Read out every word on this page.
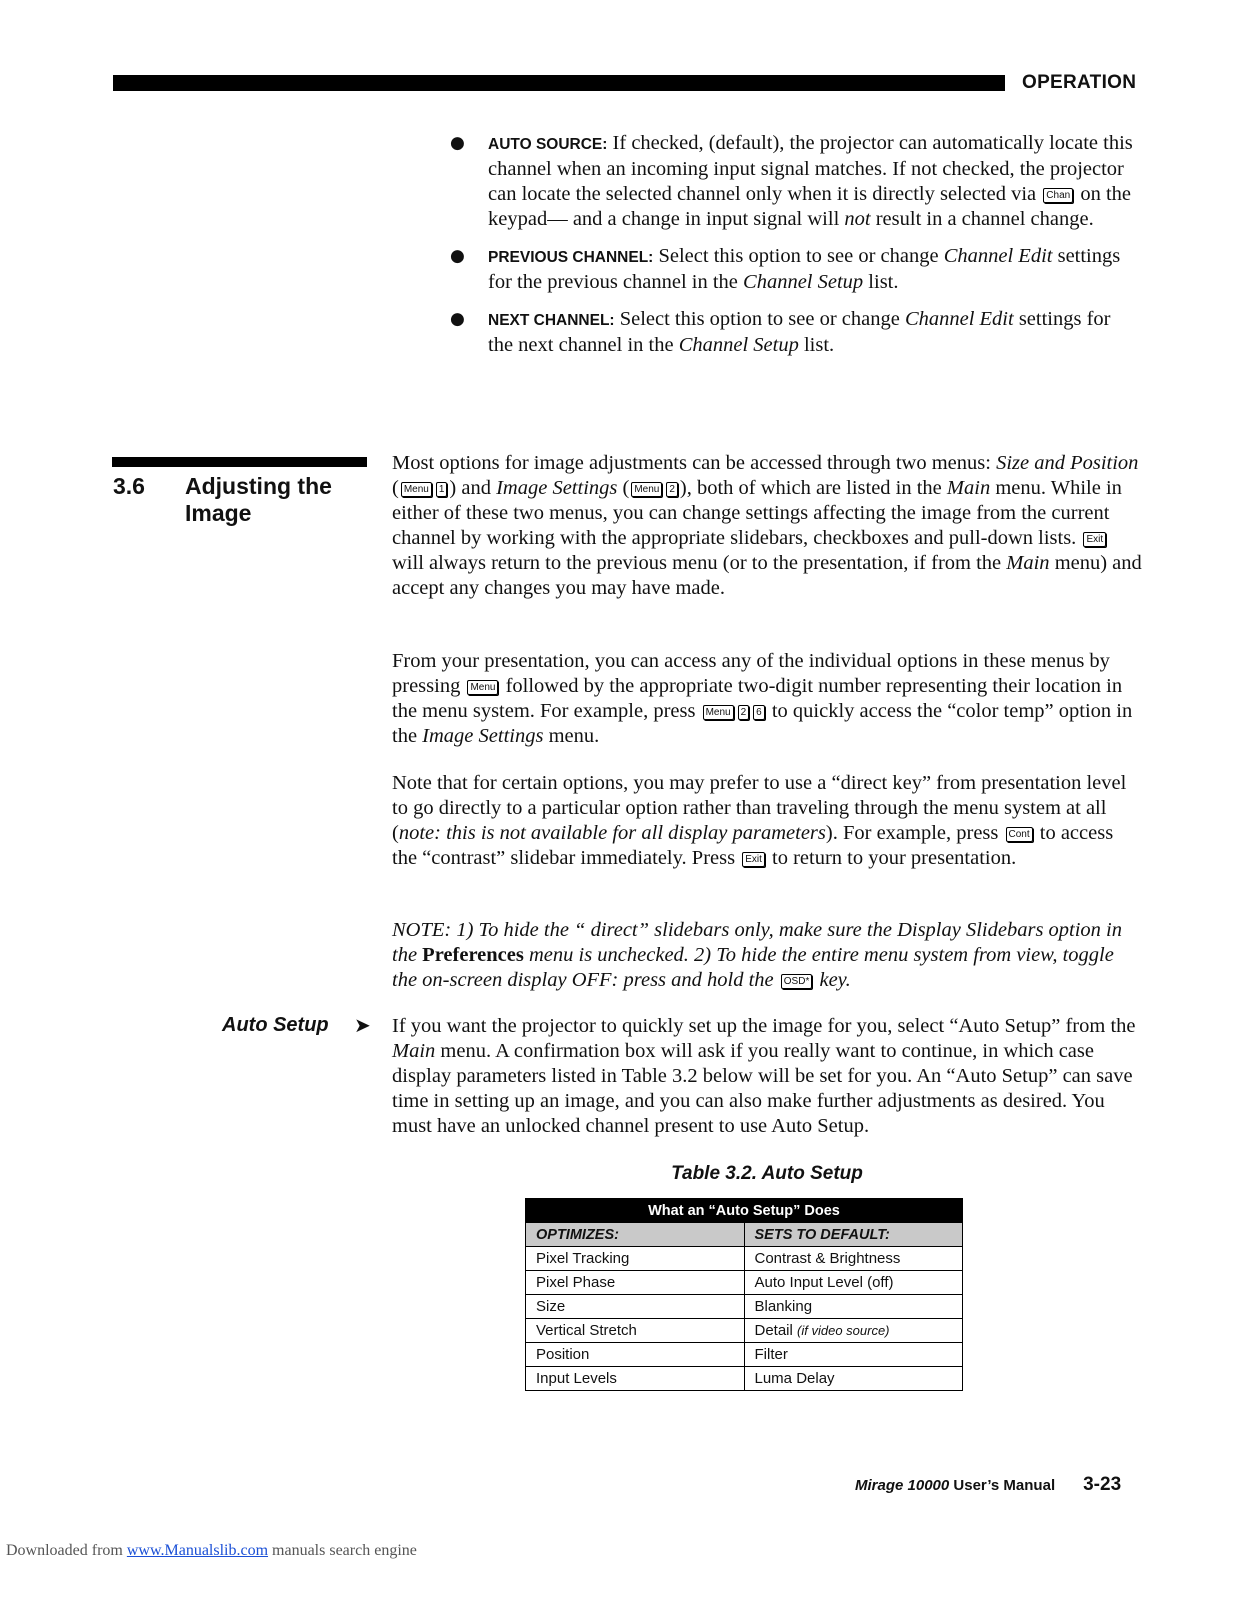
OPERATION
● AUTO SOURCE: If checked, (default), the projector can automatically locate this channel when an incoming input signal matches. If not checked, the projector can locate the selected channel only when it is directly selected via Chan on the keypad— and a change in input signal will not result in a channel change.
● PREVIOUS CHANNEL: Select this option to see or change Channel Edit settings for the previous channel in the Channel Setup list.
● NEXT CHANNEL: Select this option to see or change Channel Edit settings for the next channel in the Channel Setup list.
3.6 Adjusting the Image
Most options for image adjustments can be accessed through two menus: Size and Position ( Menu 1 ) and Image Settings ( Menu 2 ), both of which are listed in the Main menu. While in either of these two menus, you can change settings affecting the image from the current channel by working with the appropriate slidebars, checkboxes and pull-down lists. Exit will always return to the previous menu (or to the presentation, if from the Main menu) and accept any changes you may have made.
From your presentation, you can access any of the individual options in these menus by pressing Menu followed by the appropriate two-digit number representing their location in the menu system. For example, press Menu 2 6 to quickly access the “color temp” option in the Image Settings menu.
Note that for certain options, you may prefer to use a “direct key” from presentation level to go directly to a particular option rather than traveling through the menu system at all (note: this is not available for all display parameters). For example, press Cont to access the “contrast” slidebar immediately. Press Exit to return to your presentation.
NOTE: 1) To hide the “ direct” slidebars only, make sure the Display Slidebars option in the Preferences menu is unchecked. 2) To hide the entire menu system from view, toggle the on-screen display OFF: press and hold the OSD* key.
Auto Setup ➤ If you want the projector to quickly set up the image for you, select “Auto Setup” from the Main menu. A confirmation box will ask if you really want to continue, in which case display parameters listed in Table 3.2 below will be set for you. An “Auto Setup” can save time in setting up an image, and you can also make further adjustments as desired. You must have an unlocked channel present to use Auto Setup.
Table 3.2. Auto Setup
What an “Auto Setup” Does	
OPTIMIZES:	SETS TO DEFAULT:
Pixel Tracking	Contrast & Brightness
Pixel Phase	Auto Input Level (off)
Size	Blanking
Vertical Stretch	Detail (if video source)
Position	Filter
Input Levels	Luma Delay
Mirage 10000 User’s Manual 3-23
Downloaded from www.Manualslib.com manuals search engine
